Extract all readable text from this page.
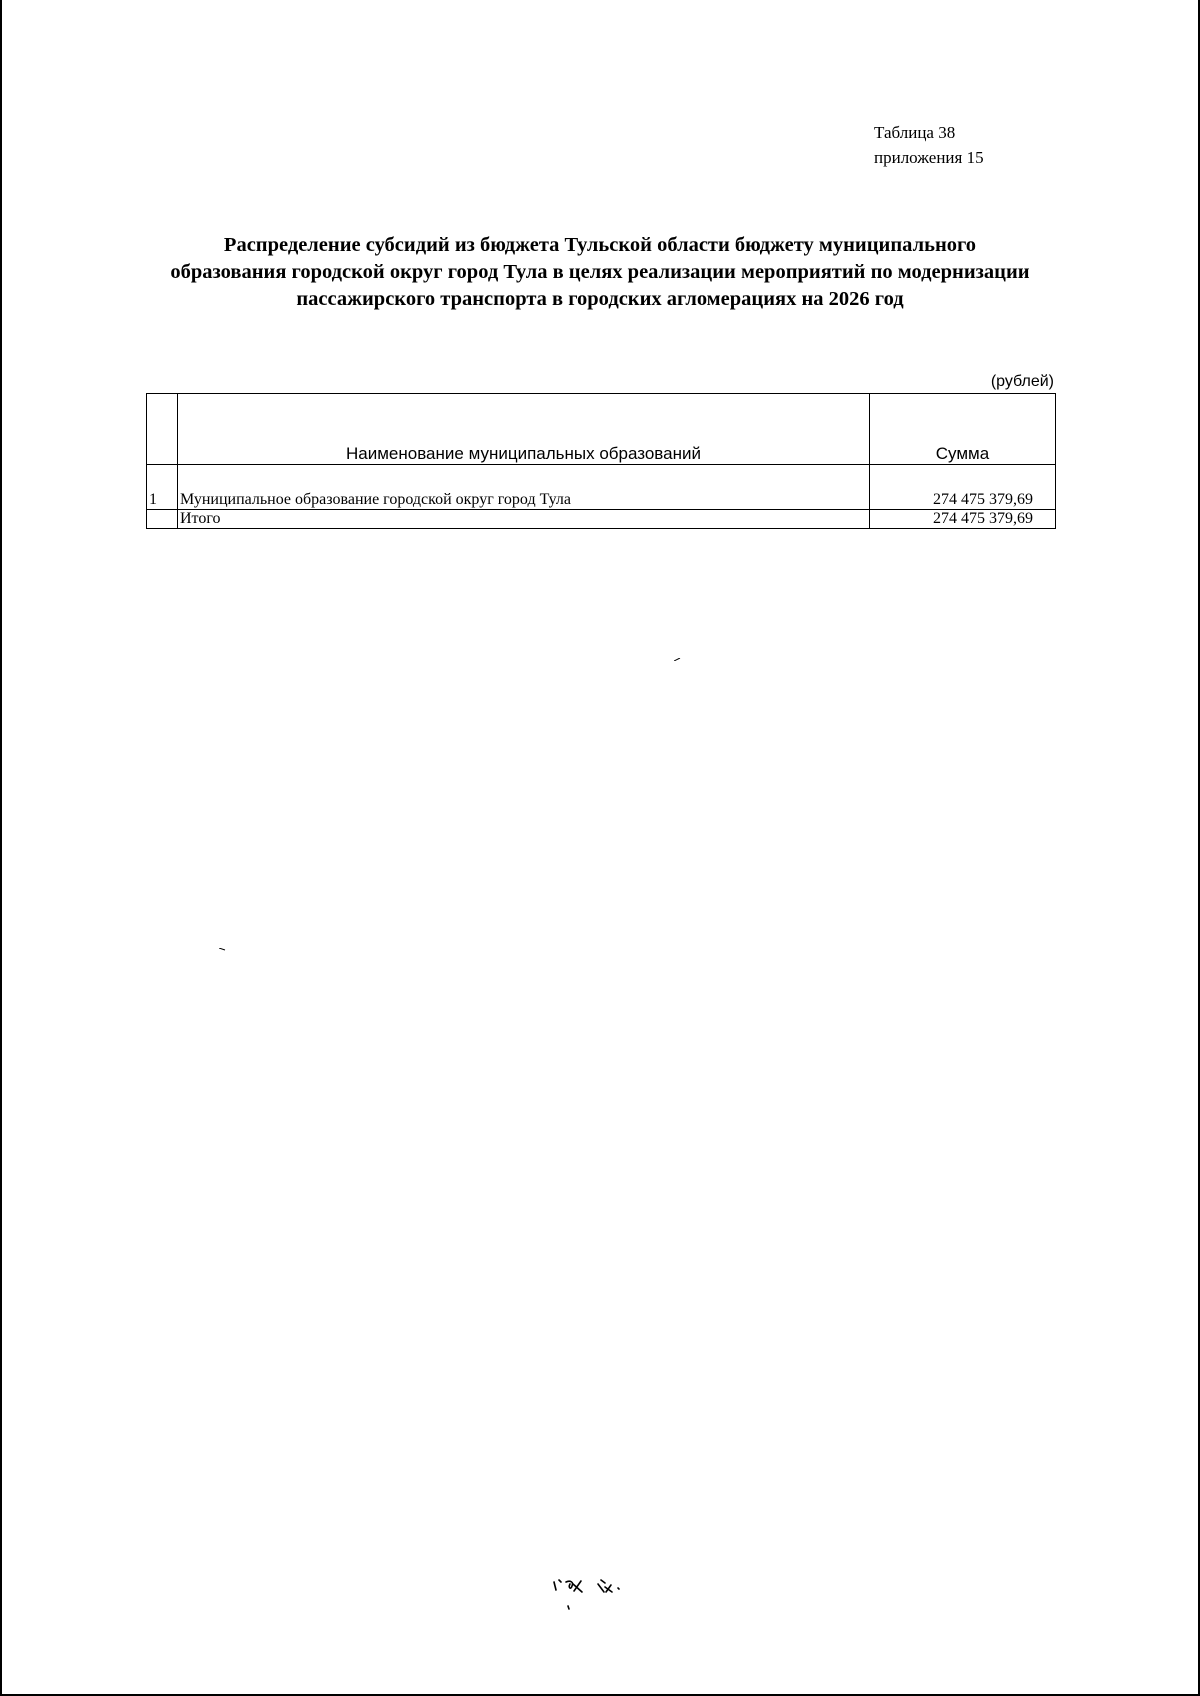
Таблица 38
приложения 15
Распределение субсидий из бюджета Тульской области бюджету муниципального
образования городской округ город Тула в целях реализации мероприятий по модернизации
пассажирского транспорта в городских агломерациях на 2026 год
(рублей)
	Наименование муниципальных образований	Сумма
1	Муниципальное образование городской округ город Тула	274 475 379,69
	Итого	274 475 379,69
